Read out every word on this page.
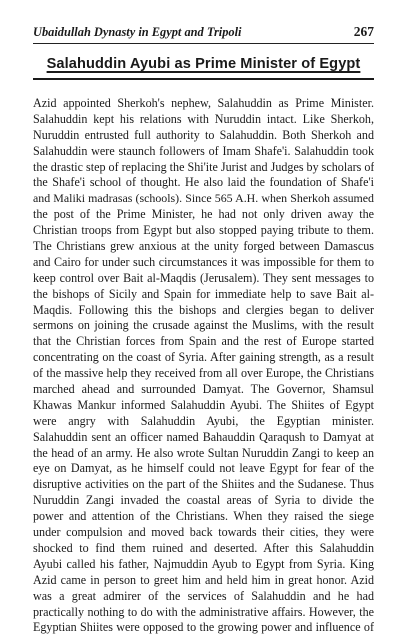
Ubaidullah Dynasty in Egypt and Tripoli	267
Salahuddin Ayubi as Prime Minister of Egypt
Azid appointed Sherkoh's nephew, Salahuddin as Prime Minister.
Salahuddin kept his relations with Nuruddin intact. Like Sherkoh,
Nuruddin entrusted full authority to Salahuddin. Both Sherkoh and
Salahuddin were staunch followers of Imam Shafe'i. Salahuddin took
the drastic step of replacing the Shi'ite Jurist and Judges by scholars of
the Shafe'i school of thought. He also laid the foundation of Shafe'i
and Maliki madrasas (schools). Since 565 A.H. when Sherkoh assumed
the post of the Prime Minister, he had not only driven away the
Christian troops from Egypt but also stopped paying tribute to them.
The Christians grew anxious at the unity forged between Damascus
and Cairo for under such circumstances it was impossible for them to
keep control over Bait al-Maqdis (Jerusalem). They sent messages to
the bishops of Sicily and Spain for immediate help to save Bait al-
Maqdis. Following this the bishops and clergies began to deliver
sermons on joining the crusade against the Muslims, with the result
that the Christian forces from Spain and the rest of Europe started
concentrating on the coast of Syria. After gaining strength, as a result
of the massive help they received from all over Europe, the Christians
marched ahead and surrounded Damyat. The Governor, Shamsul
Khawas Mankur informed Salahuddin Ayubi. The Shiites of Egypt
were angry with Salahuddin Ayubi, the Egyptian minister.
Salahuddin sent an officer named Bahauddin Qaraqush to Damyat at
the head of an army. He also wrote Sultan Nuruddin Zangi to keep an
eye on Damyat, as he himself could not leave Egypt for fear of the
disruptive activities on the part of the Shiites and the Sudanese. Thus
Nuruddin Zangi invaded the coastal areas of Syria to divide the
power and attention of the Christians. When they raised the siege
under compulsion and moved back towards their cities, they were
shocked to find them ruined and deserted. After this Salahuddin
Ayubi called his father, Najmuddin Ayub to Egypt from Syria. King
Azid came in person to greet him and held him in great honor. Azid
was a great admirer of the services of Salahuddin and he had
practically nothing to do with the administrative affairs. However, the
Egyptian Shiites were opposed to the growing power and influence of
